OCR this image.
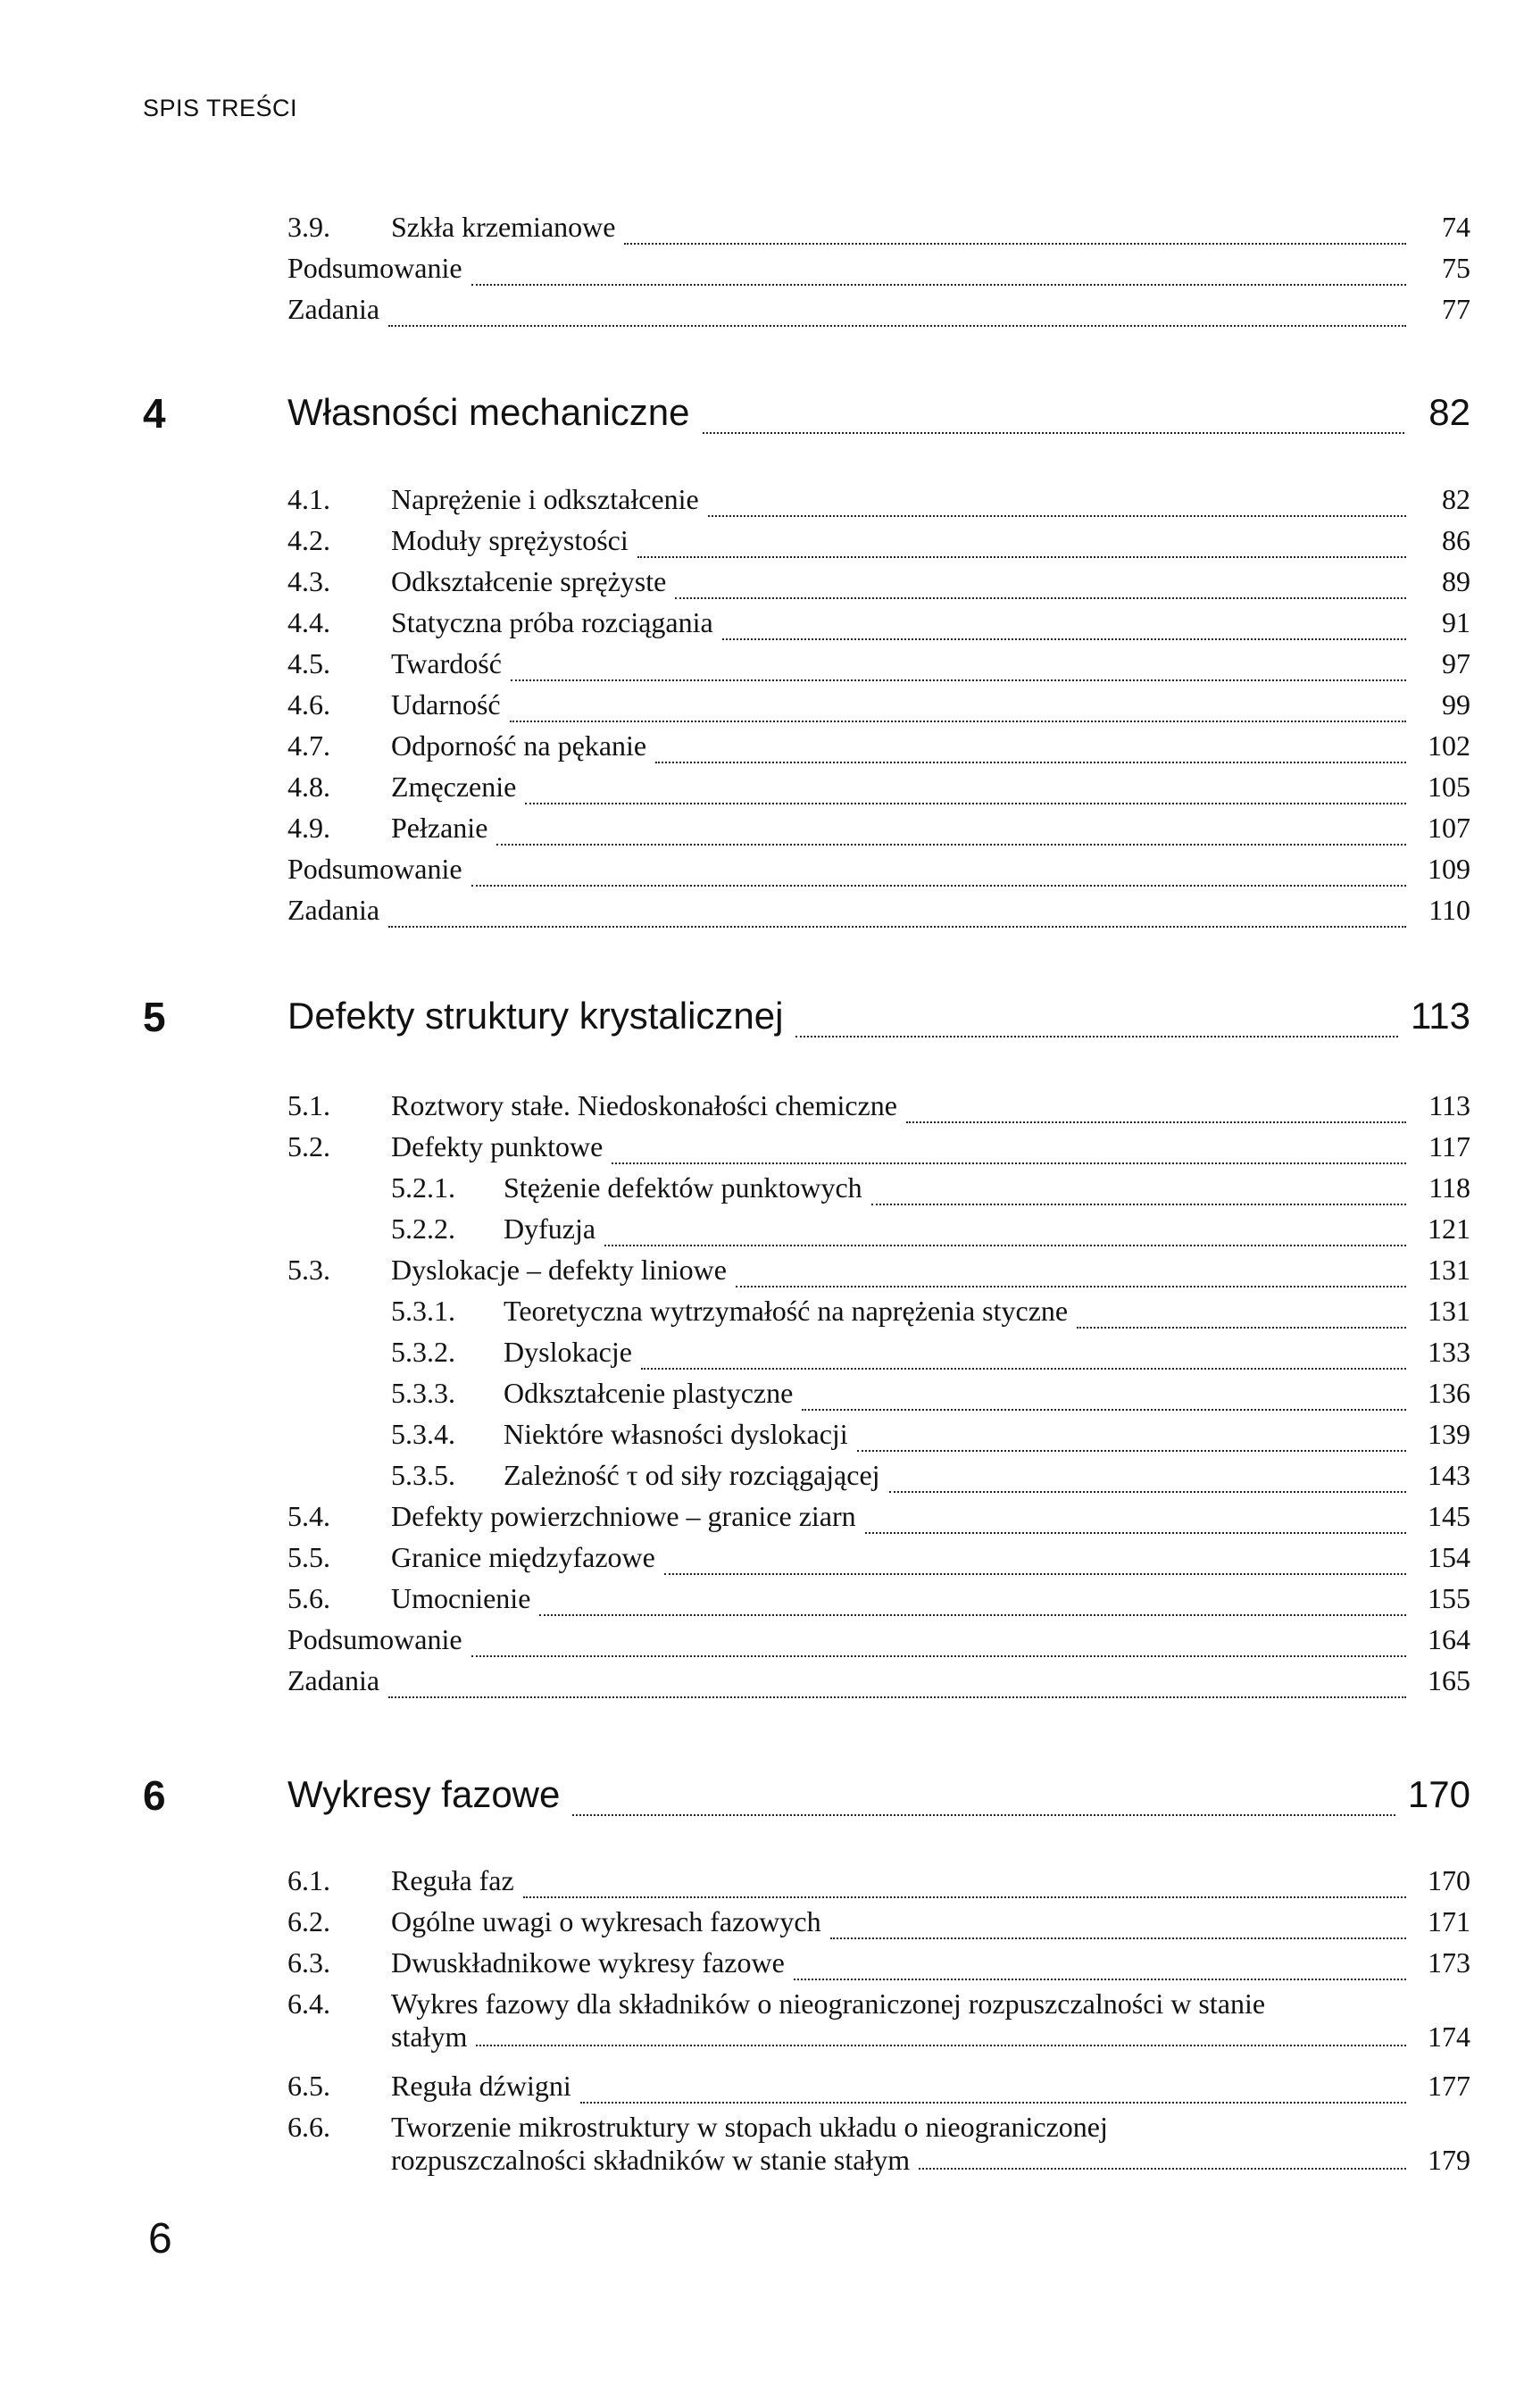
SPIS TREŚCI
3.9.	Szkła krzemianowe	74
Podsumowanie	75
Zadania	77
4	Własności mechaniczne	82
4.1.	Naprężenie i odkształcenie	82
4.2.	Moduły sprężystości	86
4.3.	Odkształcenie sprężyste	89
4.4.	Statyczna próba rozciągania	91
4.5.	Twardość	97
4.6.	Udarność	99
4.7.	Odporność na pękanie	102
4.8.	Zmęczenie	105
4.9.	Pełzanie	107
Podsumowanie	109
Zadania	110
5	Defekty struktury krystalicznej	113
5.1.	Roztwory stałe. Niedoskonałości chemiczne	113
5.2.	Defekty punktowe	117
5.2.1.	Stężenie defektów punktowych	118
5.2.2.	Dyfuzja	121
5.3.	Dyslokacje – defekty liniowe	131
5.3.1.	Teoretyczna wytrzymałość na naprężenia styczne	131
5.3.2.	Dyslokacje	133
5.3.3.	Odkształcenie plastyczne	136
5.3.4.	Niektóre własności dyslokacji	139
5.3.5.	Zależność τ od siły rozciągającej	143
5.4.	Defekty powierzchniowe – granice ziarn	145
5.5.	Granice międzyfazowe	154
5.6.	Umocnienie	155
Podsumowanie	164
Zadania	165
6	Wykresy fazowe	170
6.1.	Reguła faz	170
6.2.	Ogólne uwagi o wykresach fazowych	171
6.3.	Dwuskładnikowe wykresy fazowe	173
6.4.	Wykres fazowy dla składników o nieograniczonej rozpuszczalności w stanie
stałym	174
6.5.	Reguła dźwigni	177
6.6.	Tworzenie mikrostruktury w stopach układu o nieograniczonej
rozpuszczalności składników w stanie stałym	179
6
